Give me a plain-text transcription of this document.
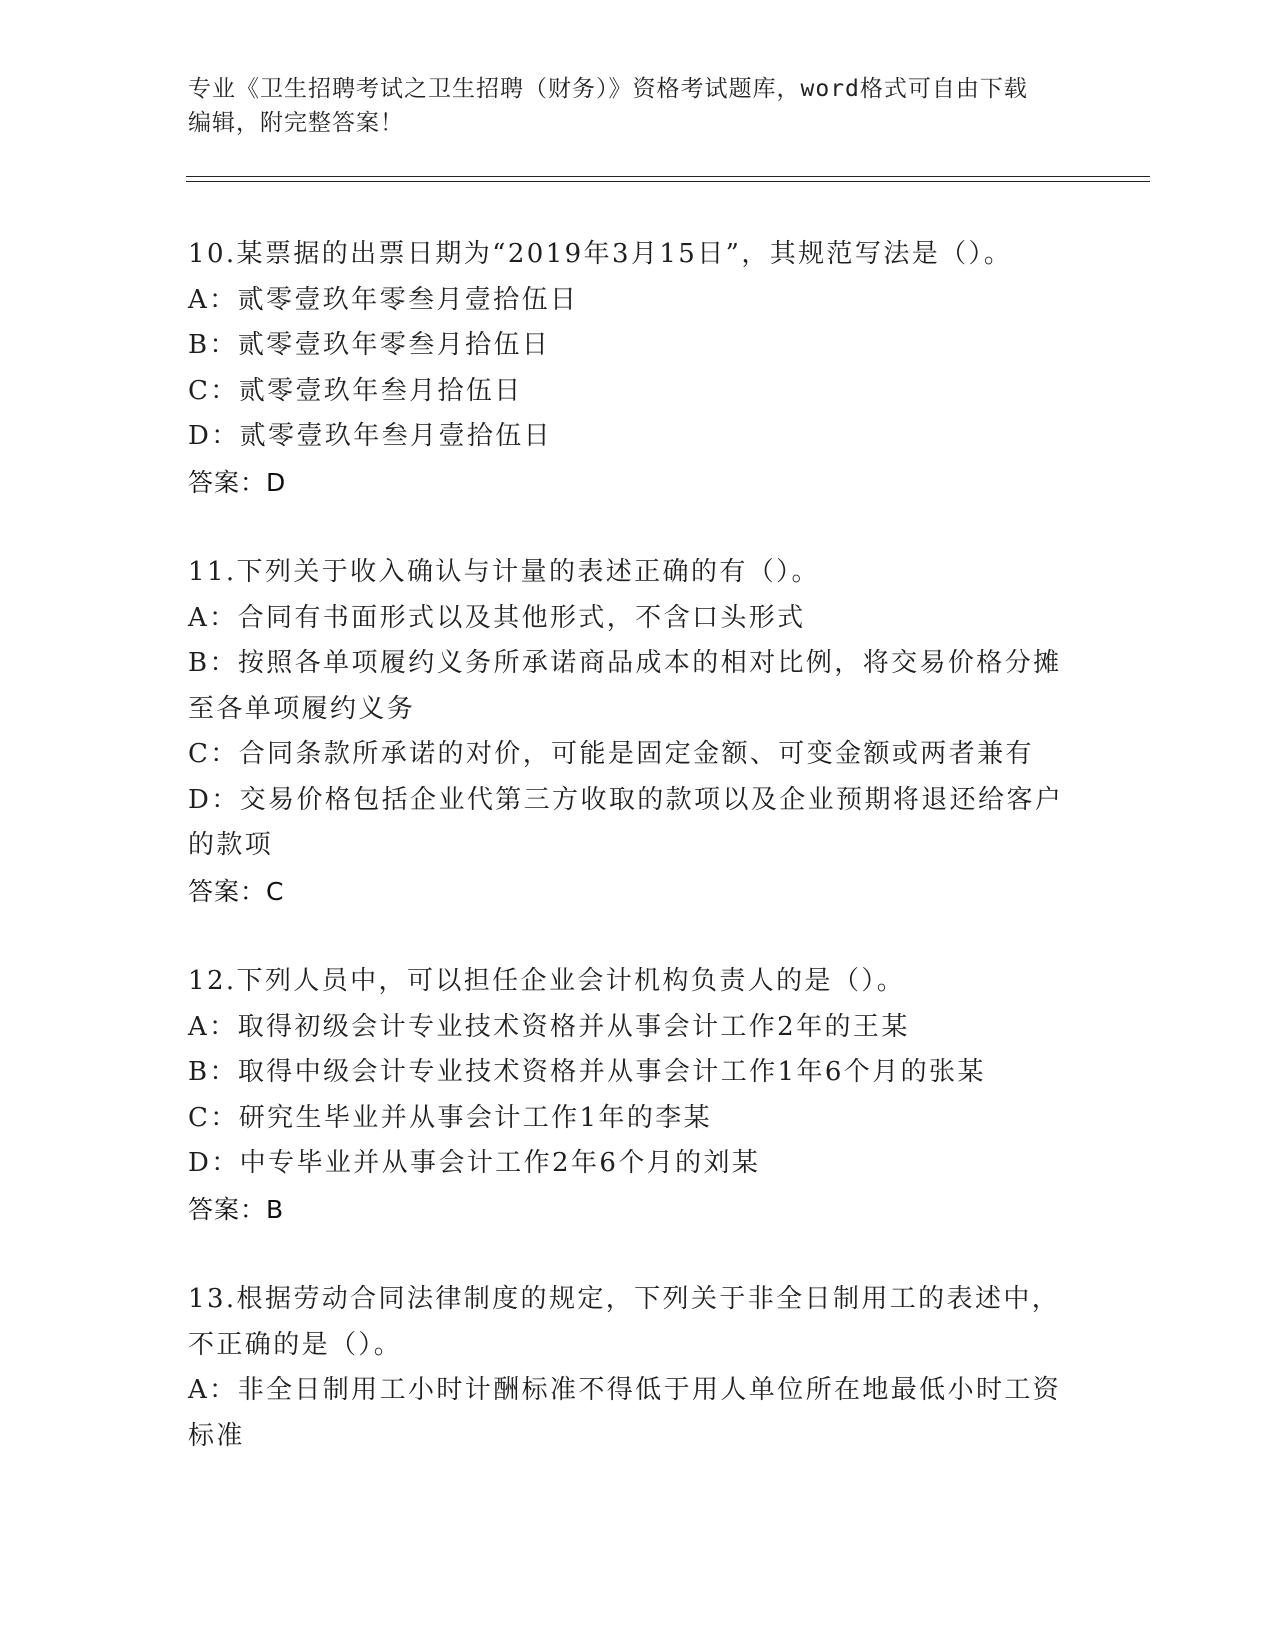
专业《卫生招聘考试之卫生招聘（财务）》资格考试题库，word格式可自由下载
编辑，附完整答案！
10.某票据的出票日期为“2019年3月15日”，其规范写法是（）。
A：贰零壹玖年零叁月壹拾伍日
B：贰零壹玖年零叁月拾伍日
C：贰零壹玖年叁月拾伍日
D：贰零壹玖年叁月壹拾伍日
答案：D
11.下列关于收入确认与计量的表述正确的有（）。
A：合同有书面形式以及其他形式，不含口头形式
B：按照各单项履约义务所承诺商品成本的相对比例，将交易价格分摊
至各单项履约义务
C：合同条款所承诺的对价，可能是固定金额、可变金额或两者兼有
D：交易价格包括企业代第三方收取的款项以及企业预期将退还给客户
的款项
答案：C
12.下列人员中，可以担任企业会计机构负责人的是（）。
A：取得初级会计专业技术资格并从事会计工作2年的王某
B：取得中级会计专业技术资格并从事会计工作1年6个月的张某
C：研究生毕业并从事会计工作1年的李某
D：中专毕业并从事会计工作2年6个月的刘某
答案：B
13.根据劳动合同法律制度的规定，下列关于非全日制用工的表述中，
不正确的是（）。
A：非全日制用工小时计酬标准不得低于用人单位所在地最低小时工资
标准
